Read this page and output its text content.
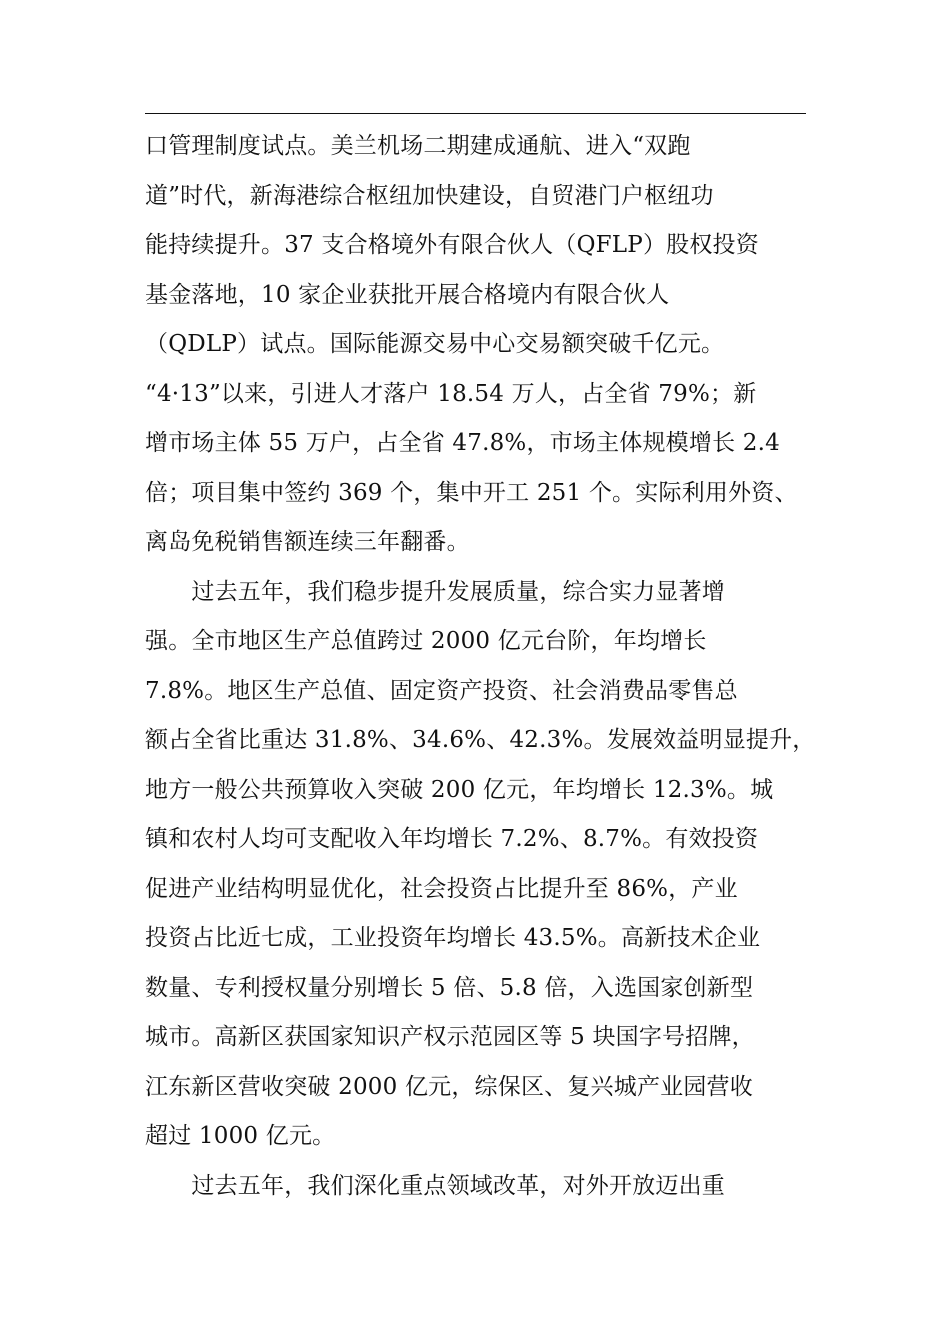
口管理制度试点。美兰机场二期建成通航、进入“双跑
道”时代，新海港综合枢纽加快建设，自贸港门户枢纽功
能持续提升。37 支合格境外有限合伙人（QFLP）股权投资
基金落地，10 家企业获批开展合格境内有限合伙人
（QDLP）试点。国际能源交易中心交易额突破千亿元。
“4·13”以来，引进人才落户 18.54 万人，占全省 79%；新
增市场主体 55 万户，占全省 47.8%，市场主体规模增长 2.4
倍；项目集中签约 369 个，集中开工 251 个。实际利用外资、
离岛免税销售额连续三年翻番。
　　过去五年，我们稳步提升发展质量，综合实力显著增
强。全市地区生产总值跨过 2000 亿元台阶，年均增长
7.8%。地区生产总值、固定资产投资、社会消费品零售总
额占全省比重达 31.8%、34.6%、42.3%。发展效益明显提升，
地方一般公共预算收入突破 200 亿元，年均增长 12.3%。城
镇和农村人均可支配收入年均增长 7.2%、8.7%。有效投资
促进产业结构明显优化，社会投资占比提升至 86%，产业
投资占比近七成，工业投资年均增长 43.5%。高新技术企业
数量、专利授权量分别增长 5 倍、5.8 倍，入选国家创新型
城市。高新区获国家知识产权示范园区等 5 块国字号招牌，
江东新区营收突破 2000 亿元，综保区、复兴城产业园营收
超过 1000 亿元。
　　过去五年，我们深化重点领域改革，对外开放迈出重
